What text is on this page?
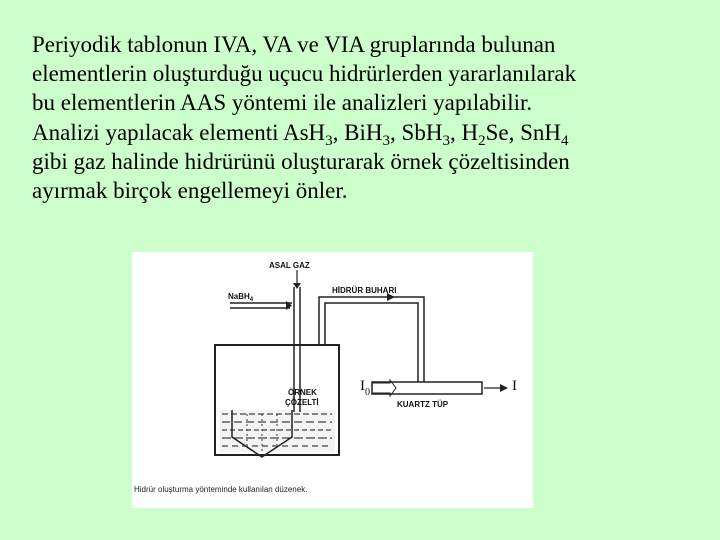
Periyodik tablonun IVA, VA ve VIA gruplarında bulunan
elementlerin oluşturduğu uçucu hidrürlerden yararlanılarak
bu elementlerin AAS yöntemi ile analizleri yapılabilir.
Analizi yapılacak elementi AsH$_3$, BiH$_3$, SbH$_3$, $H_2Se$, SnH$_4$
gibi gaz halinde hidrürünü oluşturarak örnek çözeltisinden
ayırmak birçok engellemeyi önler.
ASAL GAZ
NaBH$_4$
HİDRÜR BUHARI
ÖRNEK
ÇÖZELTİ
$I_0$	I
KUARTZ TÜP
Hidrür oluşturma yönteminde kullanılan düzenek.
